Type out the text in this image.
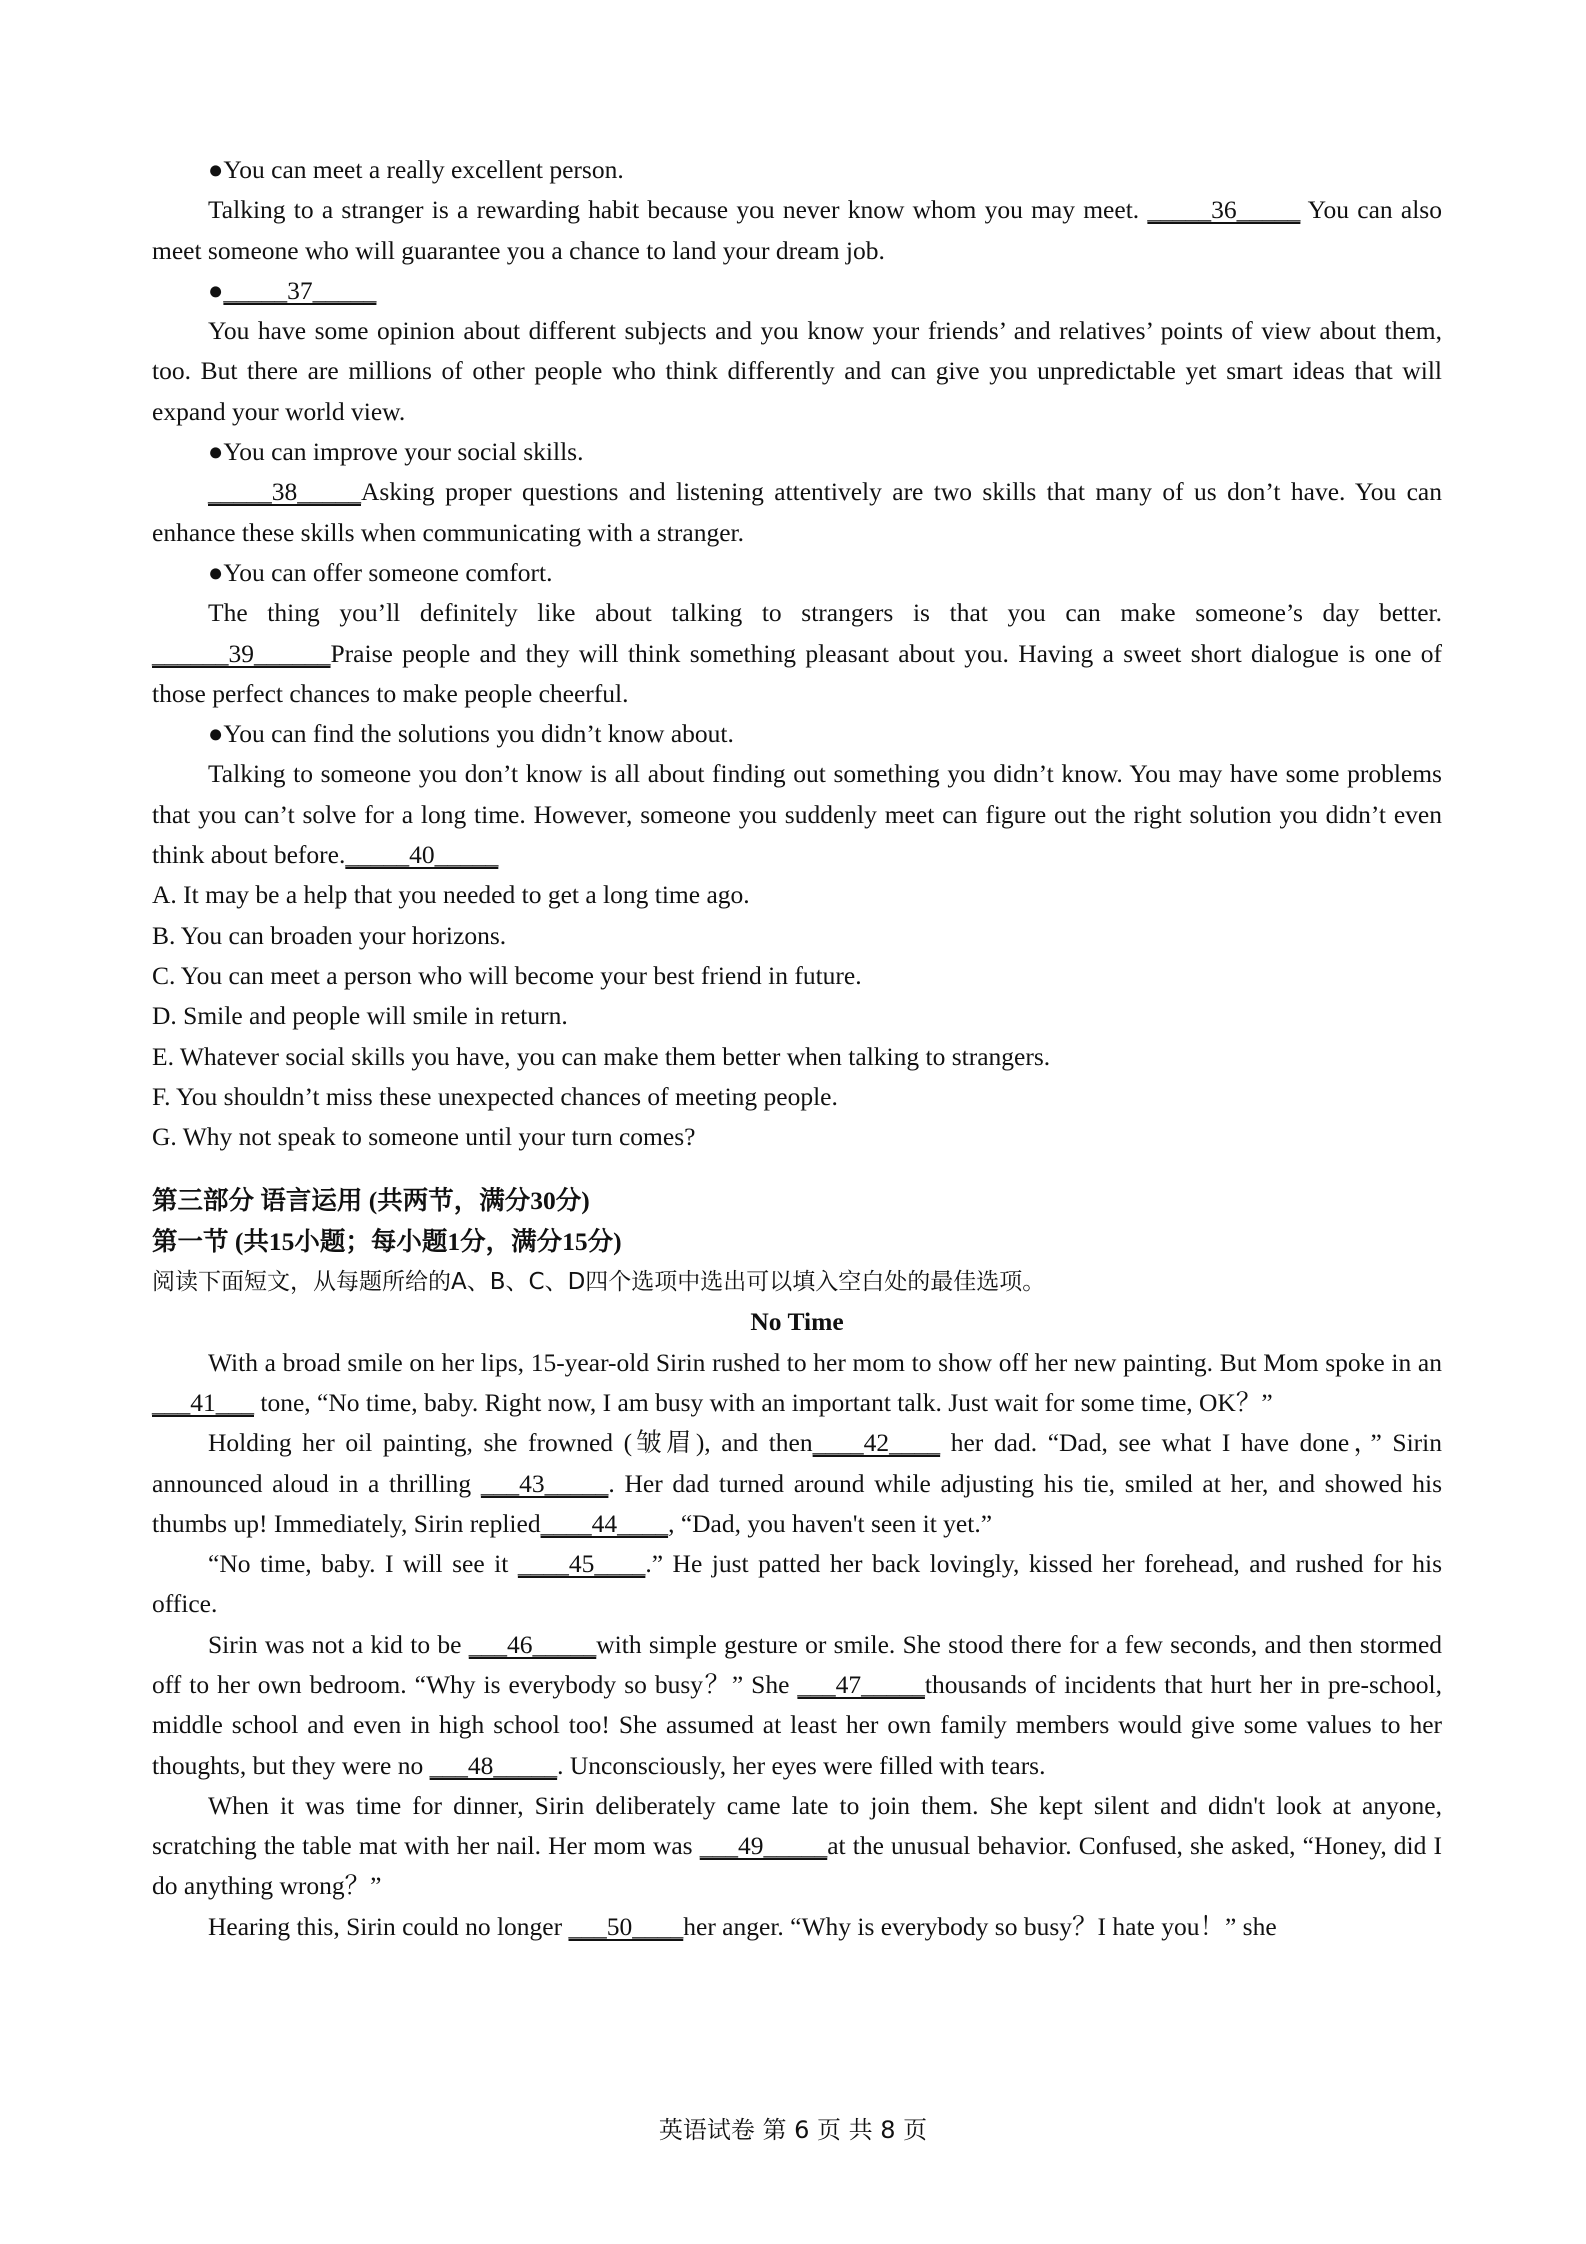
●You can meet a really excellent person.

Talking to a stranger is a rewarding habit because you never know whom you may meet. _____36_____ You can also meet someone who will guarantee you a chance to land your dream job.

●_____37_____

You have some opinion about different subjects and you know your friends’ and relatives’ points of view about them, too. But there are millions of other people who think differently and can give you unpredictable yet smart ideas that will expand your world view.

●You can improve your social skills.

_____38_____Asking proper questions and listening attentively are two skills that many of us don’t have. You can enhance these skills when communicating with a stranger.

●You can offer someone comfort.

The thing you’ll definitely like about talking to strangers is that you can make someone’s day better. ______39______Praise people and they will think something pleasant about you. Having a sweet short dialogue is one of those perfect chances to make people cheerful.

●You can find the solutions you didn’t know about.

Talking to someone you don’t know is all about finding out something you didn’t know. You may have some problems that you can’t solve for a long time. However, someone you suddenly meet can figure out the right solution you didn’t even think about before._____40_____

A. It may be a help that you needed to get a long time ago.

B. You can broaden your horizons.

C. You can meet a person who will become your best friend in future.

D. Smile and people will smile in return.

E. Whatever social skills you have, you can make them better when talking to strangers.

F. You shouldn’t miss these unexpected chances of meeting people.

G. Why not speak to someone until your turn comes?

第三部分 语言运用 (共两节，满分30分)

第一节 (共15小题；每小题1分，满分15分)

阅读下面短文，从每题所给的A、B、C、D四个选项中选出可以填入空白处的最佳选项。

No Time

With a broad smile on her lips, 15-year-old Sirin rushed to her mom to show off her new painting. But Mom spoke in an ___41___ tone, “No time, baby. Right now, I am busy with an important talk. Just wait for some time, OK？”

Holding her oil painting, she frowned (皱眉), and then____42____ her dad. “Dad, see what I have done，” Sirin announced aloud in a thrilling ___43_____. Her dad turned around while adjusting his tie, smiled at her, and showed his thumbs up! Immediately, Sirin replied____44____, “Dad, you haven't seen it yet.”

“No time, baby. I will see it ____45____.” He just patted her back lovingly, kissed her forehead, and rushed for his office.

Sirin was not a kid to be ___46_____with simple gesture or smile. She stood there for a few seconds, and then stormed off to her own bedroom. “Why is everybody so busy？” She ___47_____thousands of incidents that hurt her in pre-school, middle school and even in high school too! She assumed at least her own family members would give some values to her thoughts, but they were no ___48_____. Unconsciously, her eyes were filled with tears.

When it was time for dinner, Sirin deliberately came late to join them. She kept silent and didn't look at anyone, scratching the table mat with her nail. Her mom was ___49_____at the unusual behavior. Confused, she asked, “Honey, did I do anything wrong？”

Hearing this, Sirin could no longer ___50____her anger. “Why is everybody so busy？I hate you！” she

英语试卷 第 6 页 共 8 页
